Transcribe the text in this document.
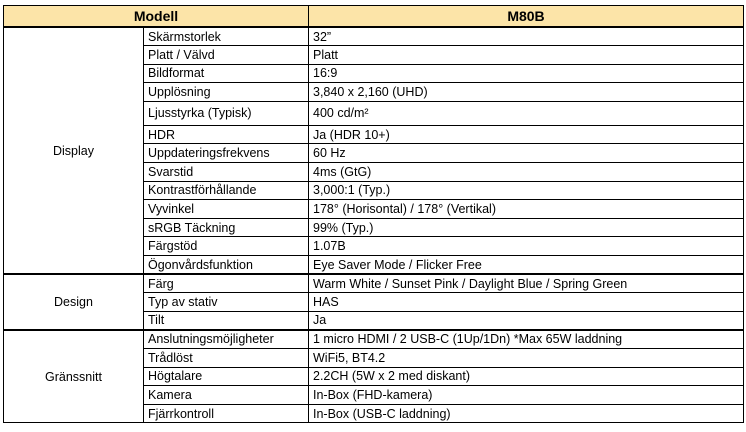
Modell		M80B
Display	Skärmstorlek	32”
	Platt / Välvd	Platt
	Bildformat	16:9
	Upplösning	3,840 x 2,160 (UHD)
	Ljusstyrka (Typisk)	400 cd/m²
	HDR	Ja (HDR 10+)
	Uppdateringsfrekvens	60 Hz
	Svarstid	4ms (GtG)
	Kontrastförhållande	3,000:1 (Typ.)
	Vyvinkel	178° (Horisontal) / 178° (Vertikal)
	sRGB Täckning	99% (Typ.)
	Färgstöd	1.07B
	Ögonvårdsfunktion	Eye Saver Mode / Flicker Free
Design	Färg	Warm White / Sunset Pink / Daylight Blue / Spring Green
	Typ av stativ	HAS
	Tilt	Ja
Gränssnitt	Anslutningsmöjligheter	1 micro HDMI / 2 USB-C (1Up/1Dn) *Max 65W laddning
	Trådlöst	WiFi5, BT4.2
	Högtalare	2.2CH (5W x 2 med diskant)
	Kamera	In-Box (FHD-kamera)
	Fjärrkontroll	In-Box (USB-C laddning)
